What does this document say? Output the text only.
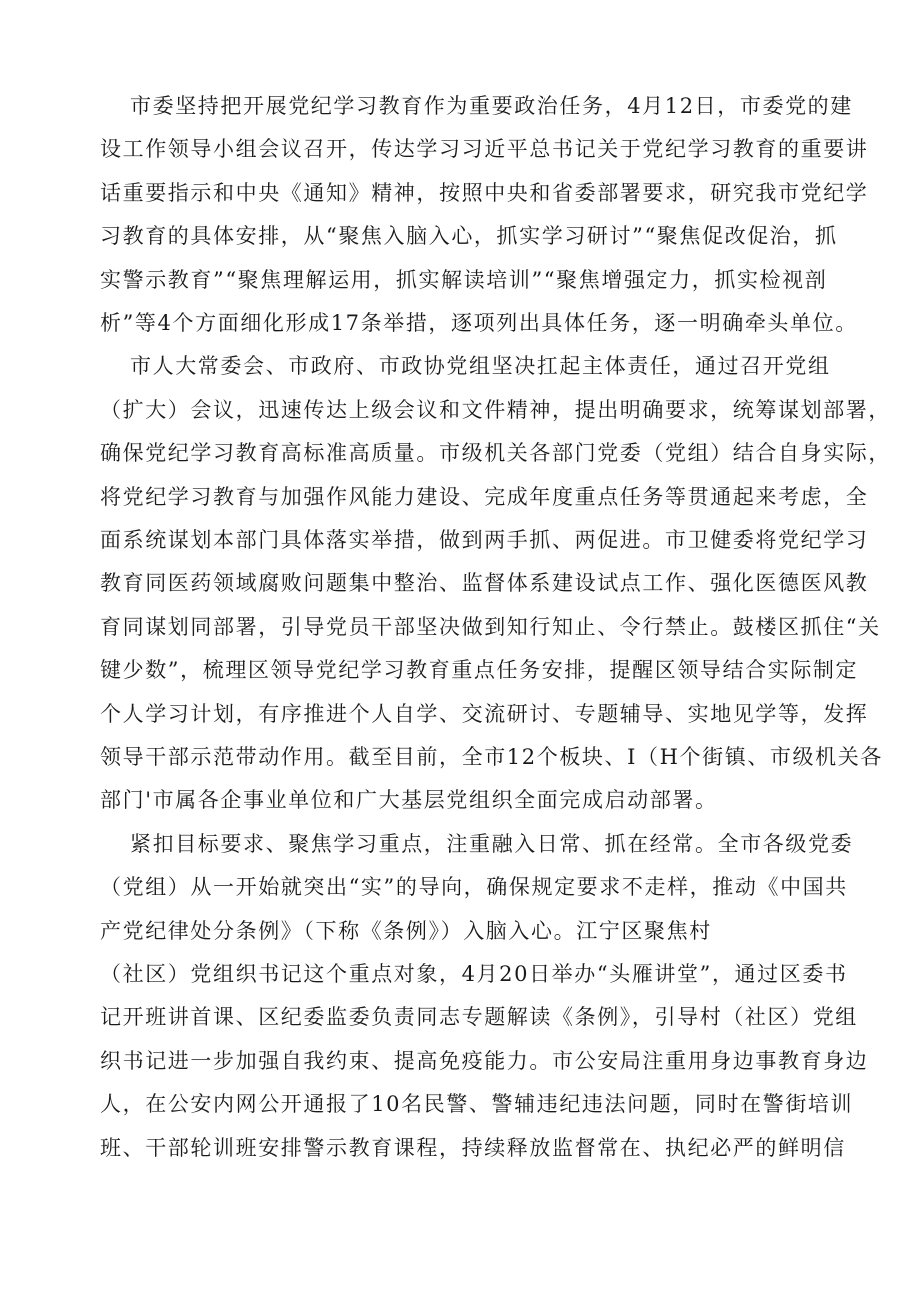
市委坚持把开展党纪学习教育作为重要政治任务，4月12日，市委党的建
设工作领导小组会议召开，传达学习习近平总书记关于党纪学习教育的重要讲
话重要指示和中央《通知》精神，按照中央和省委部署要求，研究我市党纪学
习教育的具体安排，从“聚焦入脑入心，抓实学习研讨”“聚焦促改促治，抓
实警示教育”“聚焦理解运用，抓实解读培训”“聚焦增强定力，抓实检视剖
析”等4个方面细化形成17条举措，逐项列出具体任务，逐一明确牵头单位。
市人大常委会、市政府、市政协党组坚决扛起主体责任，通过召开党组
（扩大）会议，迅速传达上级会议和文件精神，提出明确要求，统筹谋划部署，
确保党纪学习教育高标准高质量。市级机关各部门党委（党组）结合自身实际，
将党纪学习教育与加强作风能力建设、完成年度重点任务等贯通起来考虑，全
面系统谋划本部门具体落实举措，做到两手抓、两促进。市卫健委将党纪学习
教育同医药领域腐败问题集中整治、监督体系建设试点工作、强化医德医风教
育同谋划同部署，引导党员干部坚决做到知行知止、令行禁止。鼓楼区抓住“关
键少数”，梳理区领导党纪学习教育重点任务安排，提醒区领导结合实际制定
个人学习计划，有序推进个人自学、交流研讨、专题辅导、实地见学等，发挥
领导干部示范带动作用。截至目前，全市12个板块、I（H个街镇、市级机关各
部门'市属各企事业单位和广大基层党组织全面完成启动部署。
紧扣目标要求、聚焦学习重点，注重融入日常、抓在经常。全市各级党委
（党组）从一开始就突出“实”的导向，确保规定要求不走样，推动《中国共
产党纪律处分条例》（下称《条例》）入脑入心。江宁区聚焦村
（社区）党组织书记这个重点对象，4月20日举办“头雁讲堂”，通过区委书
记开班讲首课、区纪委监委负责同志专题解读《条例》，引导村（社区）党组
织书记进一步加强自我约束、提高免疫能力。市公安局注重用身边事教育身边
人，在公安内网公开通报了10名民警、警辅违纪违法问题，同时在警街培训
班、干部轮训班安排警示教育课程，持续释放监督常在、执纪必严的鲜明信
